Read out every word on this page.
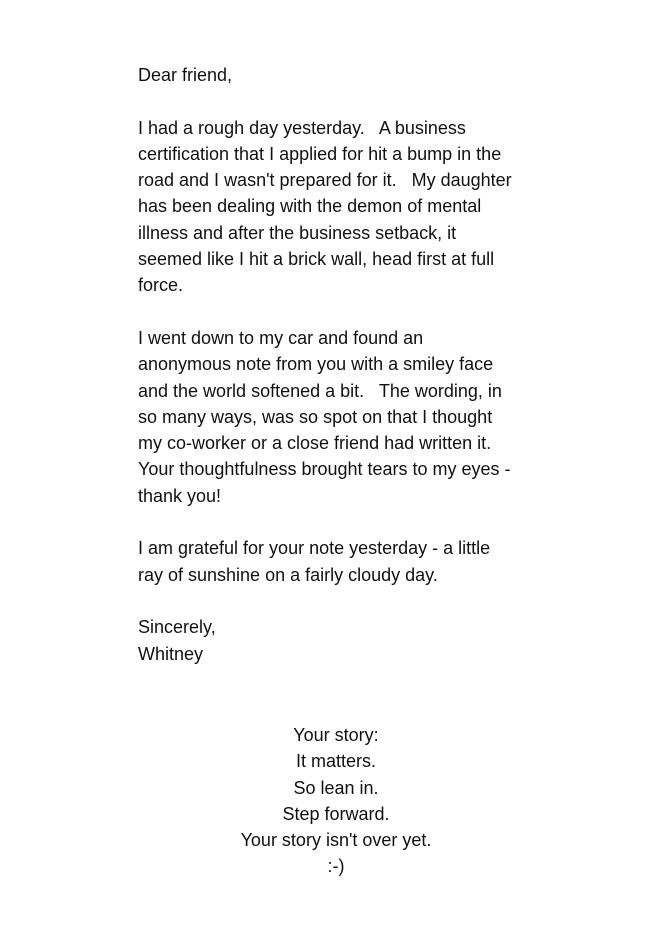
Dear friend,
I had a rough day yesterday.   A business
certification that I applied for hit a bump in the
road and I wasn't prepared for it.   My daughter
has been dealing with the demon of mental
illness and after the business setback, it
seemed like I hit a brick wall, head first at full
force.
I went down to my car and found an
anonymous note from you with a smiley face
and the world softened a bit.   The wording, in
so many ways, was so spot on that I thought
my co-worker or a close friend had written it.
Your thoughtfulness brought tears to my eyes -
thank you!
I am grateful for your note yesterday - a little
ray of sunshine on a fairly cloudy day.
Sincerely,
Whitney
Your story:
It matters.
So lean in.
Step forward.
Your story isn't over yet.
:-)
